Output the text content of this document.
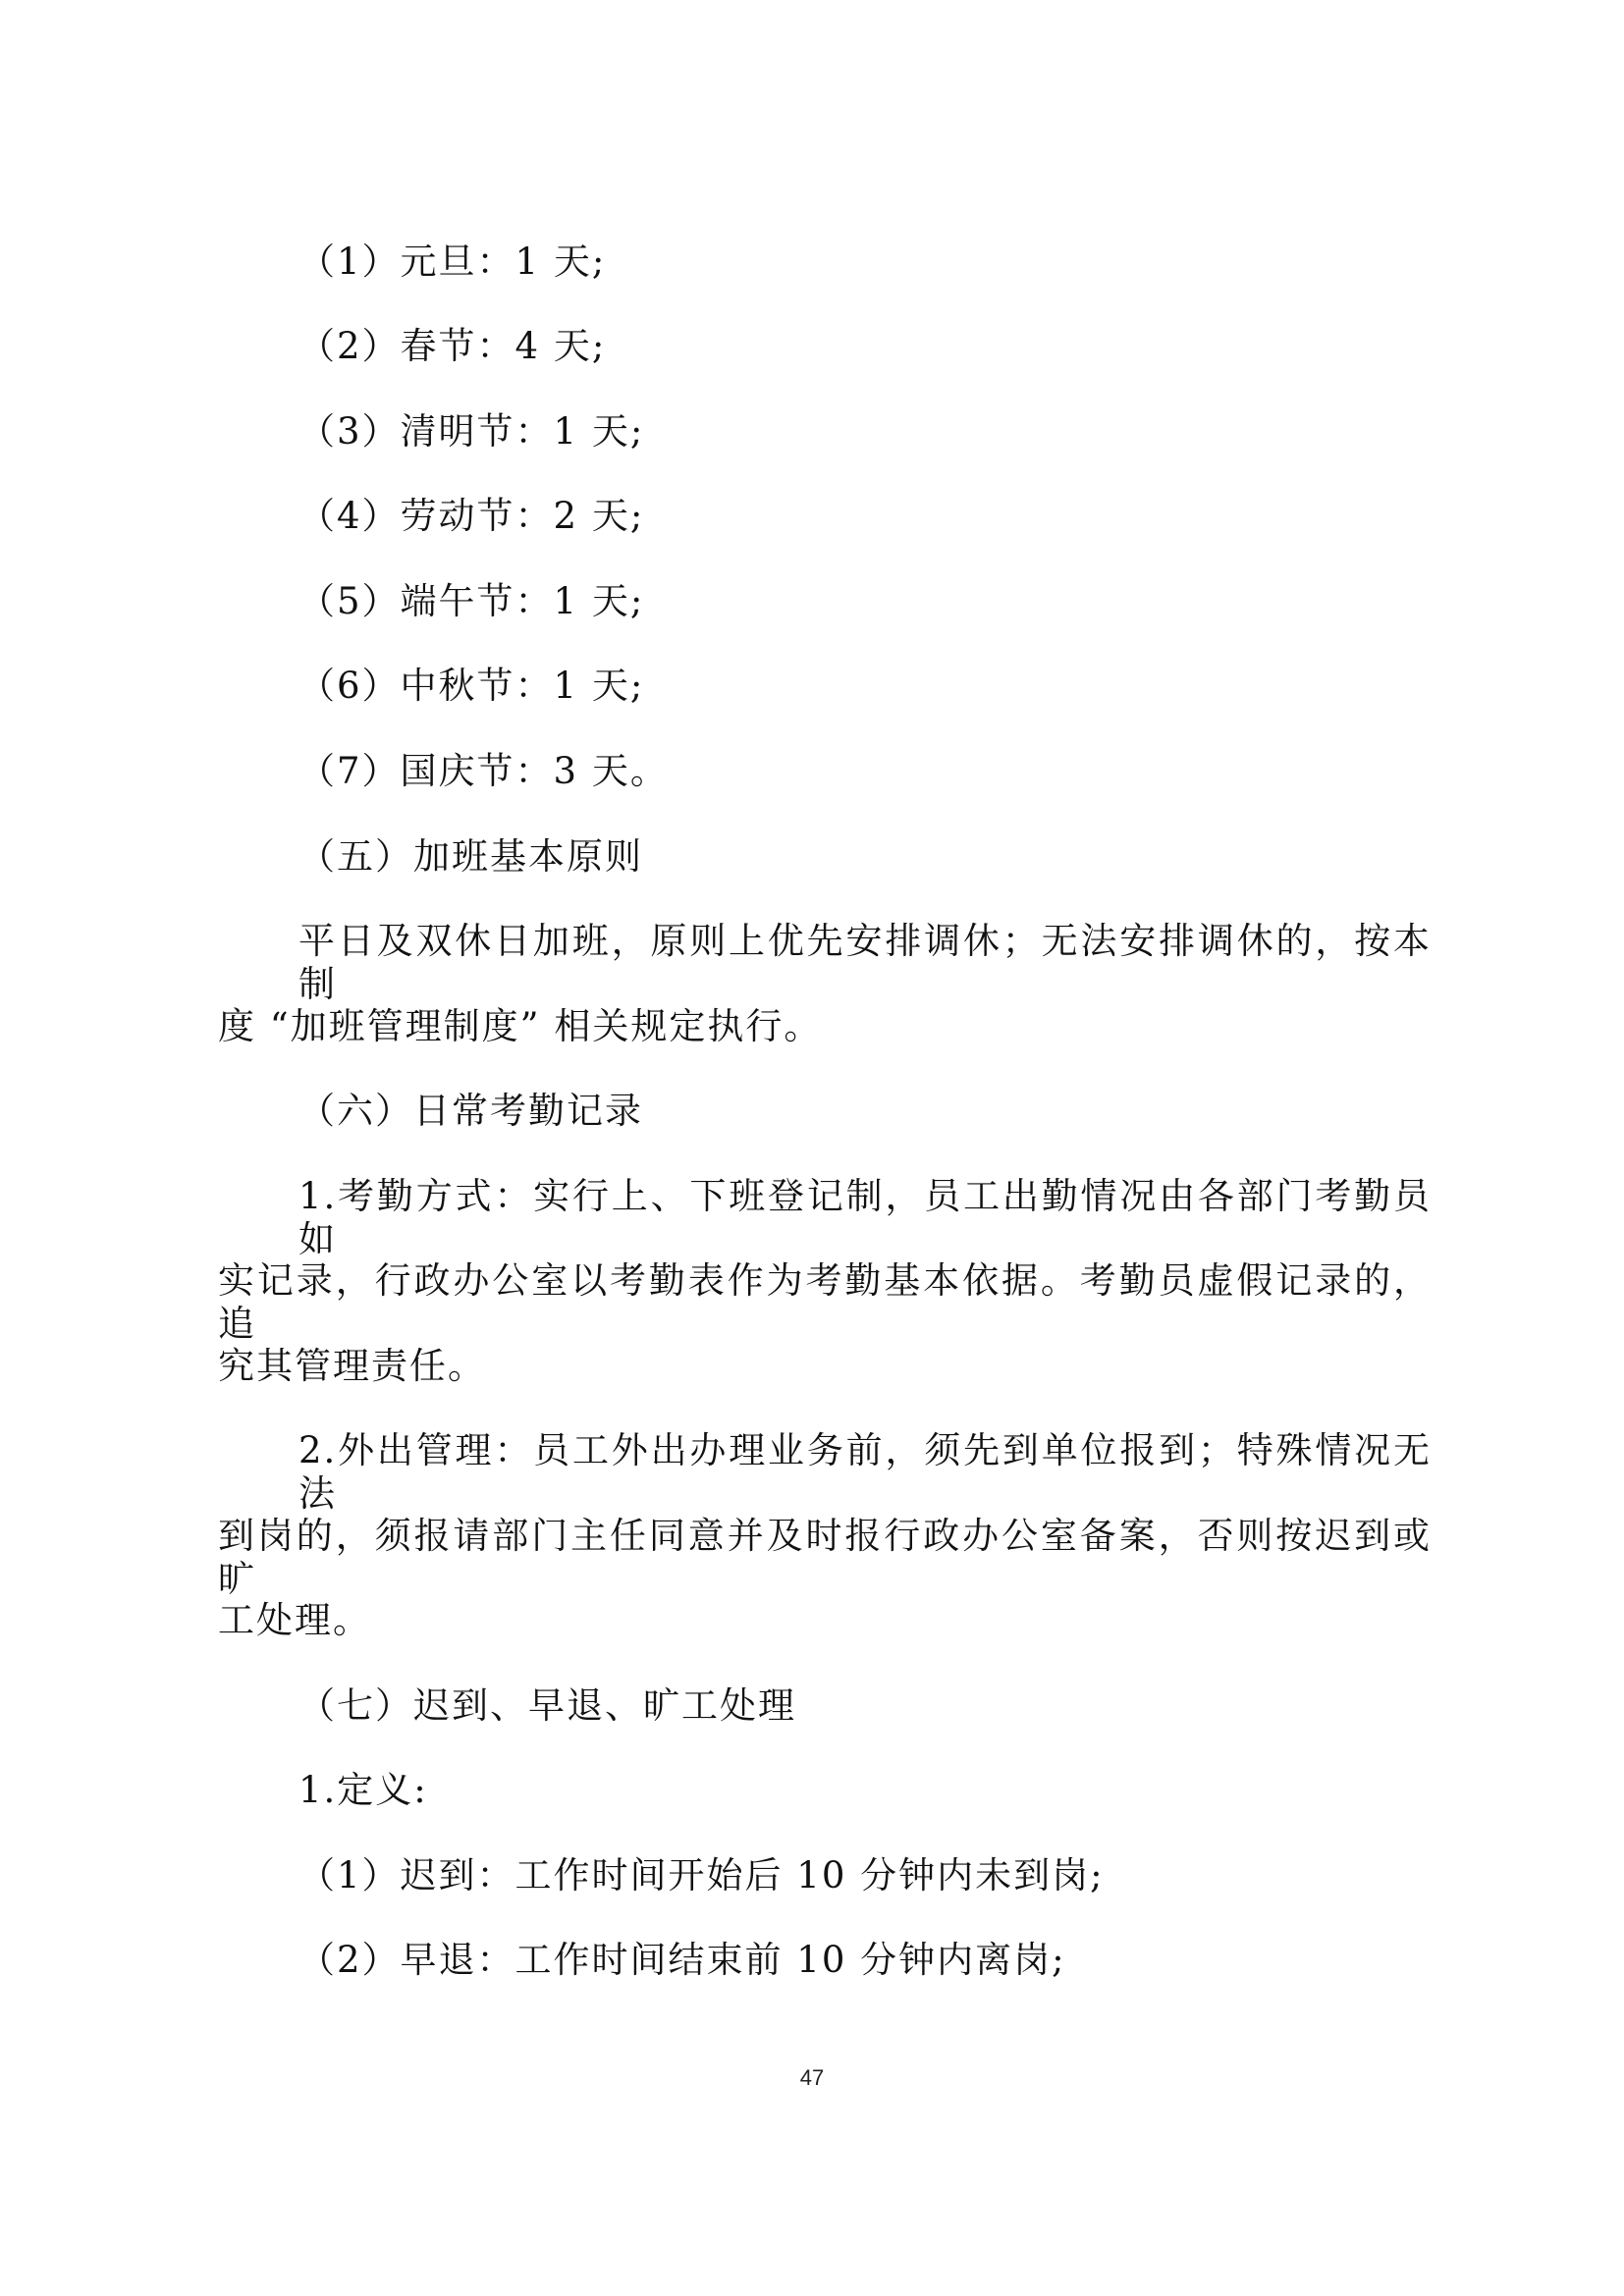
（1）元旦：1 天;
（2）春节：4 天;
（3）清明节：1 天;
（4）劳动节：2 天;
（5）端午节：1 天;
（6）中秋节：1 天;
（7）国庆节：3 天。
（五）加班基本原则
平日及双休日加班，原则上优先安排调休；无法安排调休的，按本制
度 “加班管理制度” 相关规定执行。
（六）日常考勤记录
1.考勤方式：实行上、下班登记制，员工出勤情况由各部门考勤员如
实记录，行政办公室以考勤表作为考勤基本依据。考勤员虚假记录的，追
究其管理责任。
2.外出管理：员工外出办理业务前，须先到单位报到；特殊情况无法
到岗的，须报请部门主任同意并及时报行政办公室备案，否则按迟到或旷
工处理。
（七）迟到、早退、旷工处理
1.定义:
（1）迟到：工作时间开始后 10 分钟内未到岗;
（2）早退：工作时间结束前 10 分钟内离岗;
47
